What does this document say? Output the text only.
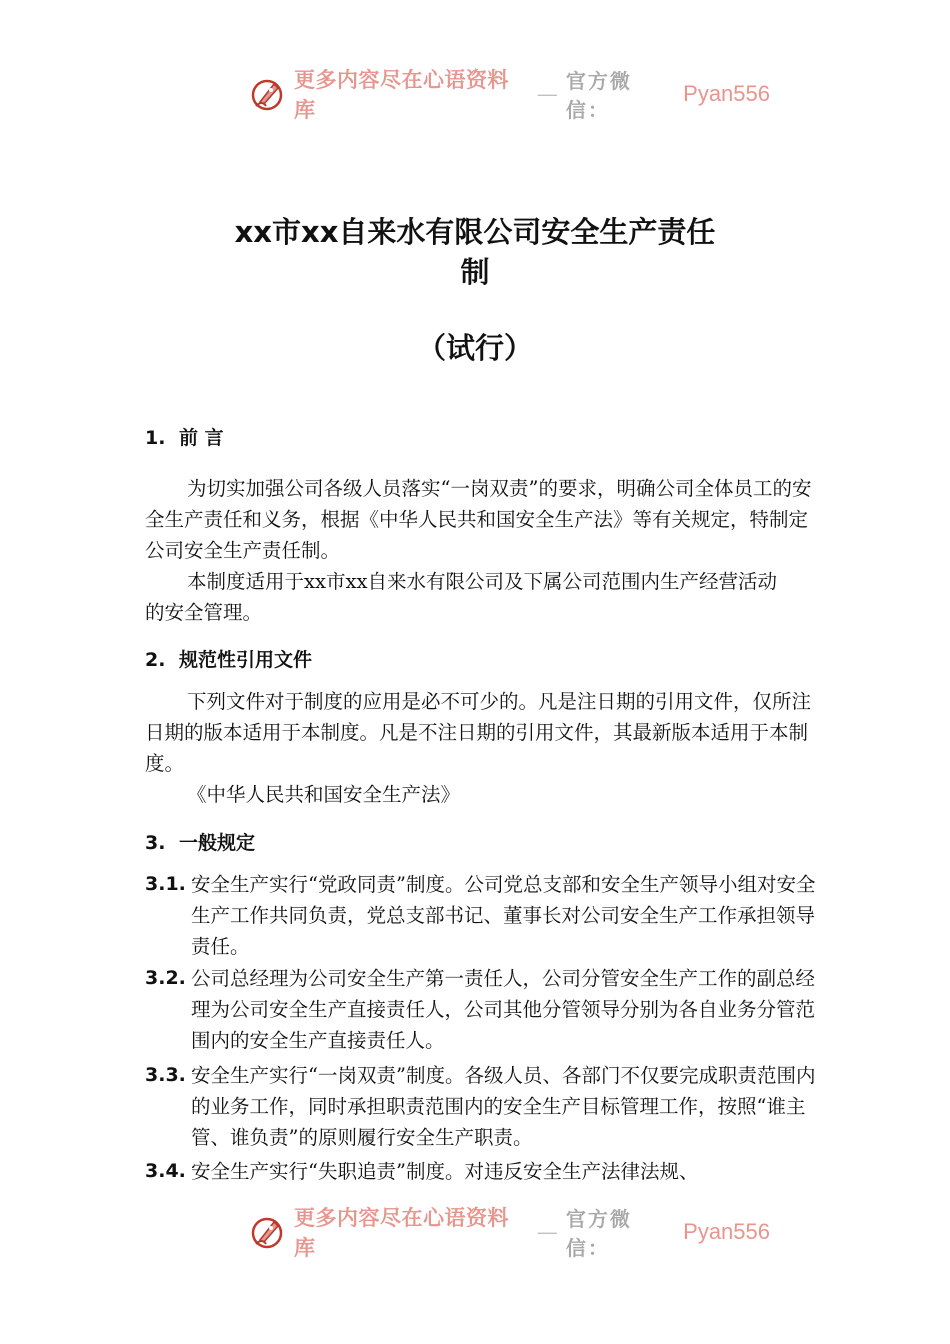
更多内容尽在心语资料库
—
官方微信：
Pyan556
xx市xx自来水有限公司安全生产责任
制
（试行）
1. 前 言
为切实加强公司各级人员落实“一岗双责”的要求，明确公司全体员工的安全生产责任和义务，根据《中华人民共和国安全生产法》等有关规定，特制定公司安全生产责任制。
本制度适用于xx市xx自来水有限公司及下属公司范围内生产经营活动的安全管理。
2. 规范性引用文件
下列文件对于制度的应用是必不可少的。凡是注日期的引用文件，仅所注日期的版本适用于本制度。凡是不注日期的引用文件，其最新版本适用于本制度。
《中华人民共和国安全生产法》
3. 一般规定
3.1. 安全生产实行“党政同责”制度。公司党总支部和安全生产领导小组对安全生产工作共同负责，党总支部书记、董事长对公司安全生产工作承担领导责任。
3.2. 公司总经理为公司安全生产第一责任人，公司分管安全生产工作的副总经理为公司安全生产直接责任人，公司其他分管领导分别为各自业务分管范围内的安全生产直接责任人。
3.3. 安全生产实行“一岗双责”制度。各级人员、各部门不仅要完成职责范围内的业务工作，同时承担职责范围内的安全生产目标管理工作，按照“谁主管、谁负责”的原则履行安全生产职责。
3.4. 安全生产实行“失职追责”制度。对违反安全生产法律法规、
更多内容尽在心语资料库
—
官方微信：
Pyan556
